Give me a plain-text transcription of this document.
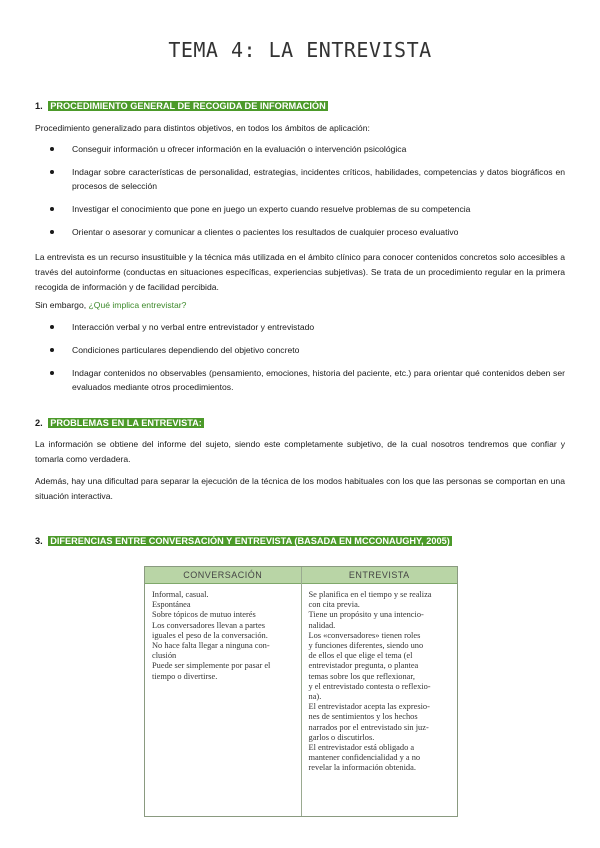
TEMA 4: LA ENTREVISTA
1. PROCEDIMIENTO GENERAL DE RECOGIDA DE INFORMACIÓN

Procedimiento generalizado para distintos objetivos, en todos los ámbitos de aplicación:

Conseguir información u ofrecer información en la evaluación o intervención psicológica
Indagar sobre características de personalidad, estrategias, incidentes críticos, habilidades, competencias y datos biográficos en procesos de selección
Investigar el conocimiento que pone en juego un experto cuando resuelve problemas de su competencia
Orientar o asesorar y comunicar a clientes o pacientes los resultados de cualquier proceso evaluativo

La entrevista es un recurso insustituible y la técnica más utilizada en el ámbito clínico para conocer contenidos concretos solo accesibles a través del autoinforme (conductas en situaciones específicas, experiencias subjetivas). Se trata de un procedimiento regular en la primera recogida de información y de facilidad percibida.

Sin embargo, ¿Qué implica entrevistar?

Interacción verbal y no verbal entre entrevistador y entrevistado
Condiciones particulares dependiendo del objetivo concreto
Indagar contenidos no observables (pensamiento, emociones, historia del paciente, etc.) para orientar qué contenidos deben ser evaluados mediante otros procedimientos.
2. PROBLEMAS EN LA ENTREVISTA:

La información se obtiene del informe del sujeto, siendo este completamente subjetivo, de la cual nosotros tendremos que confiar y tomarla como verdadera.

Además, hay una dificultad para separar la ejecución de la técnica de los modos habituales con los que las personas se comportan en una situación interactiva.

3. DIFERENCIAS ENTRE CONVERSACIÓN Y ENTREVISTA (BASADA EN MCCONAUGHY, 2005)
CONVERSACIÓN
Informal, casual.
Espontánea
Sobre tópicos de mutuo interés
Los conversadores llevan a partes
iguales el peso de la conversación.
No hace falta llegar a ninguna con-
clusión
Puede ser simplemente por pasar el
tiempo o divertirse.
ENTREVISTA
Se planifica en el tiempo y se realiza
con cita previa.
Tiene un propósito y una intencio-
nalidad.
Los «conversadores» tienen roles
y funciones diferentes, siendo uno
de ellos el que elige el tema (el
entrevistador pregunta, o plantea
temas sobre los que reflexionar,
y el entrevistado contesta o reflexio-
na).
El entrevistador acepta las expresio-
nes de sentimientos y los hechos
narrados por el entrevistado sin juz-
garlos o discutirlos.
El entrevistador está obligado a
mantener confidencialidad y a no
revelar la información obtenida.
